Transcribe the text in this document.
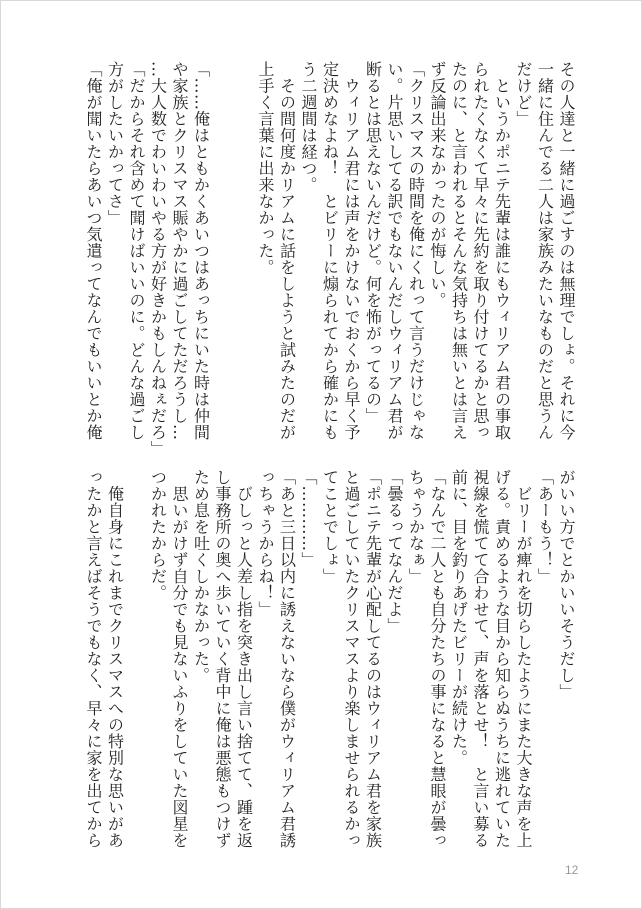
その人達と一緒に過ごすのは無理でしょ。それに今
一緒に住んでる二人は家族みたいなものだと思うん
だけど」
　というかポニテ先輩は誰にもウィリアム君の事取
られたくなくて早々に先約を取り付けてるかと思っ
たのに、と言われるとそんな気持ちは無いとは言え
ず反論出来なかったのが悔しい。
「クリスマスの時間を俺にくれって言うだけじゃな
い。片思いしてる訳でもないんだしウィリアム君が
断るとは思えないんだけど。何を怖がってるの」
　ウィリアム君には声をかけないでおくから早く予
定決めなよね！　とビリーに煽られてから確かにも
う二週間は経つ。
　その間何度かリアムに話をしようと試みたのだが
上手く言葉に出来なかった。
「……俺はともかくあいつはあっちにいた時は仲間
や家族とクリスマス賑やかに過ごしてただろうし…
…大人数でわいわいやる方が好きかもしんねぇだろ」
「だからそれ含めて聞けばいいのに。どんな過ごし
方がしたいかってさ」
「俺が聞いたらあいつ気遣ってなんでもいいとか俺
がいい方でとかいいそうだし」
「あーもう！」
　ビリーが痺れを切らしたようにまた大きな声を上
げる。責めるような目から知らぬうちに逃れていた
視線を慌てて合わせて、声を落とせ！　と言い募る
前に、目を釣りあげたビリーが続けた。
「なんで二人とも自分たちの事になると慧眼が曇っ
ちゃうかなぁ」
「曇るってなんだよ」
「ポニテ先輩が心配してるのはウィリアム君を家族
と過ごしていたクリスマスより楽しませられるかっ
てことでしょ」
「…………」
「あと三日以内に誘えないなら僕がウィリアム君誘
っちゃうからね！」
　びしっと人差し指を突き出し言い捨てて、踵を返
し事務所の奥へ歩いていく背中に俺は悪態もつけず
ため息を吐くしかなかった。
　思いがけず自分でも見ないふりをしていた図星を
つかれたからだ。
　俺自身にこれまでクリスマスへの特別な思いがあ
ったかと言えばそうでもなく、早々に家を出てから
12
